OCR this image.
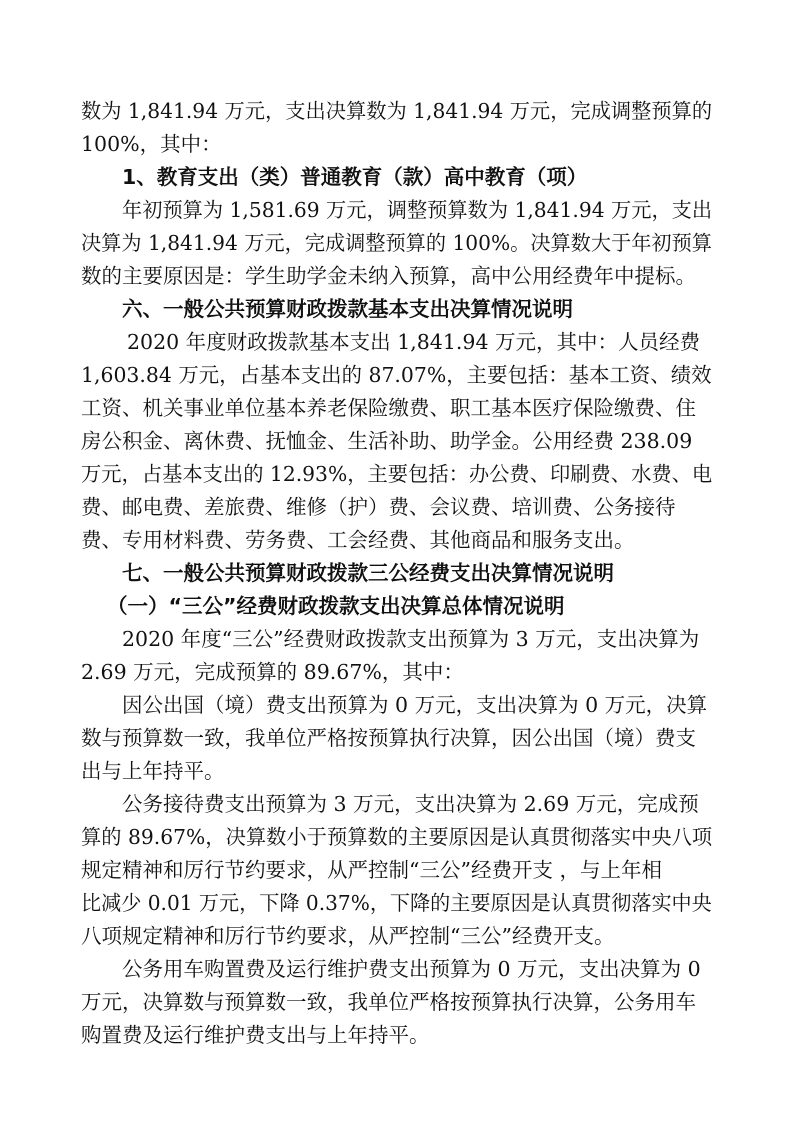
数为 1,841.94 万元，支出决算数为 1,841.94 万元，完成调整预算的
100%，其中：
1、教育支出（类）普通教育（款）高中教育（项）
年初预算为 1,581.69 万元，调整预算数为 1,841.94 万元，支出
决算为 1,841.94 万元，完成调整预算的 100%。决算数大于年初预算
数的主要原因是：学生助学金未纳入预算，高中公用经费年中提标。
六、一般公共预算财政拨款基本支出决算情况说明
2020 年度财政拨款基本支出 1,841.94 万元，其中：人员经费
1,603.84 万元，占基本支出的 87.07%，主要包括：基本工资、绩效
工资、机关事业单位基本养老保险缴费、职工基本医疗保险缴费、住
房公积金、离休费、抚恤金、生活补助、助学金。公用经费 238.09
万元，占基本支出的 12.93%，主要包括：办公费、印刷费、水费、电
费、邮电费、差旅费、维修（护）费、会议费、培训费、公务接待
费、专用材料费、劳务费、工会经费、其他商品和服务支出。
七、一般公共预算财政拨款三公经费支出决算情况说明
（一）“三公”经费财政拨款支出决算总体情况说明
2020 年度“三公”经费财政拨款支出预算为 3 万元，支出决算为
2.69 万元，完成预算的 89.67%，其中：
因公出国（境）费支出预算为 0 万元，支出决算为 0 万元，决算
数与预算数一致，我单位严格按预算执行决算，因公出国（境）费支
出与上年持平。
公务接待费支出预算为 3 万元，支出决算为 2.69 万元，完成预
算的 89.67%，决算数小于预算数的主要原因是认真贯彻落实中央八项
规定精神和厉行节约要求，从严控制“三公”经费开支 ，与上年相
比减少 0.01 万元，下降 0.37%，下降的主要原因是认真贯彻落实中央
八项规定精神和厉行节约要求，从严控制“三公”经费开支。
公务用车购置费及运行维护费支出预算为 0 万元，支出决算为 0
万元，决算数与预算数一致，我单位严格按预算执行决算，公务用车
购置费及运行维护费支出与上年持平。
